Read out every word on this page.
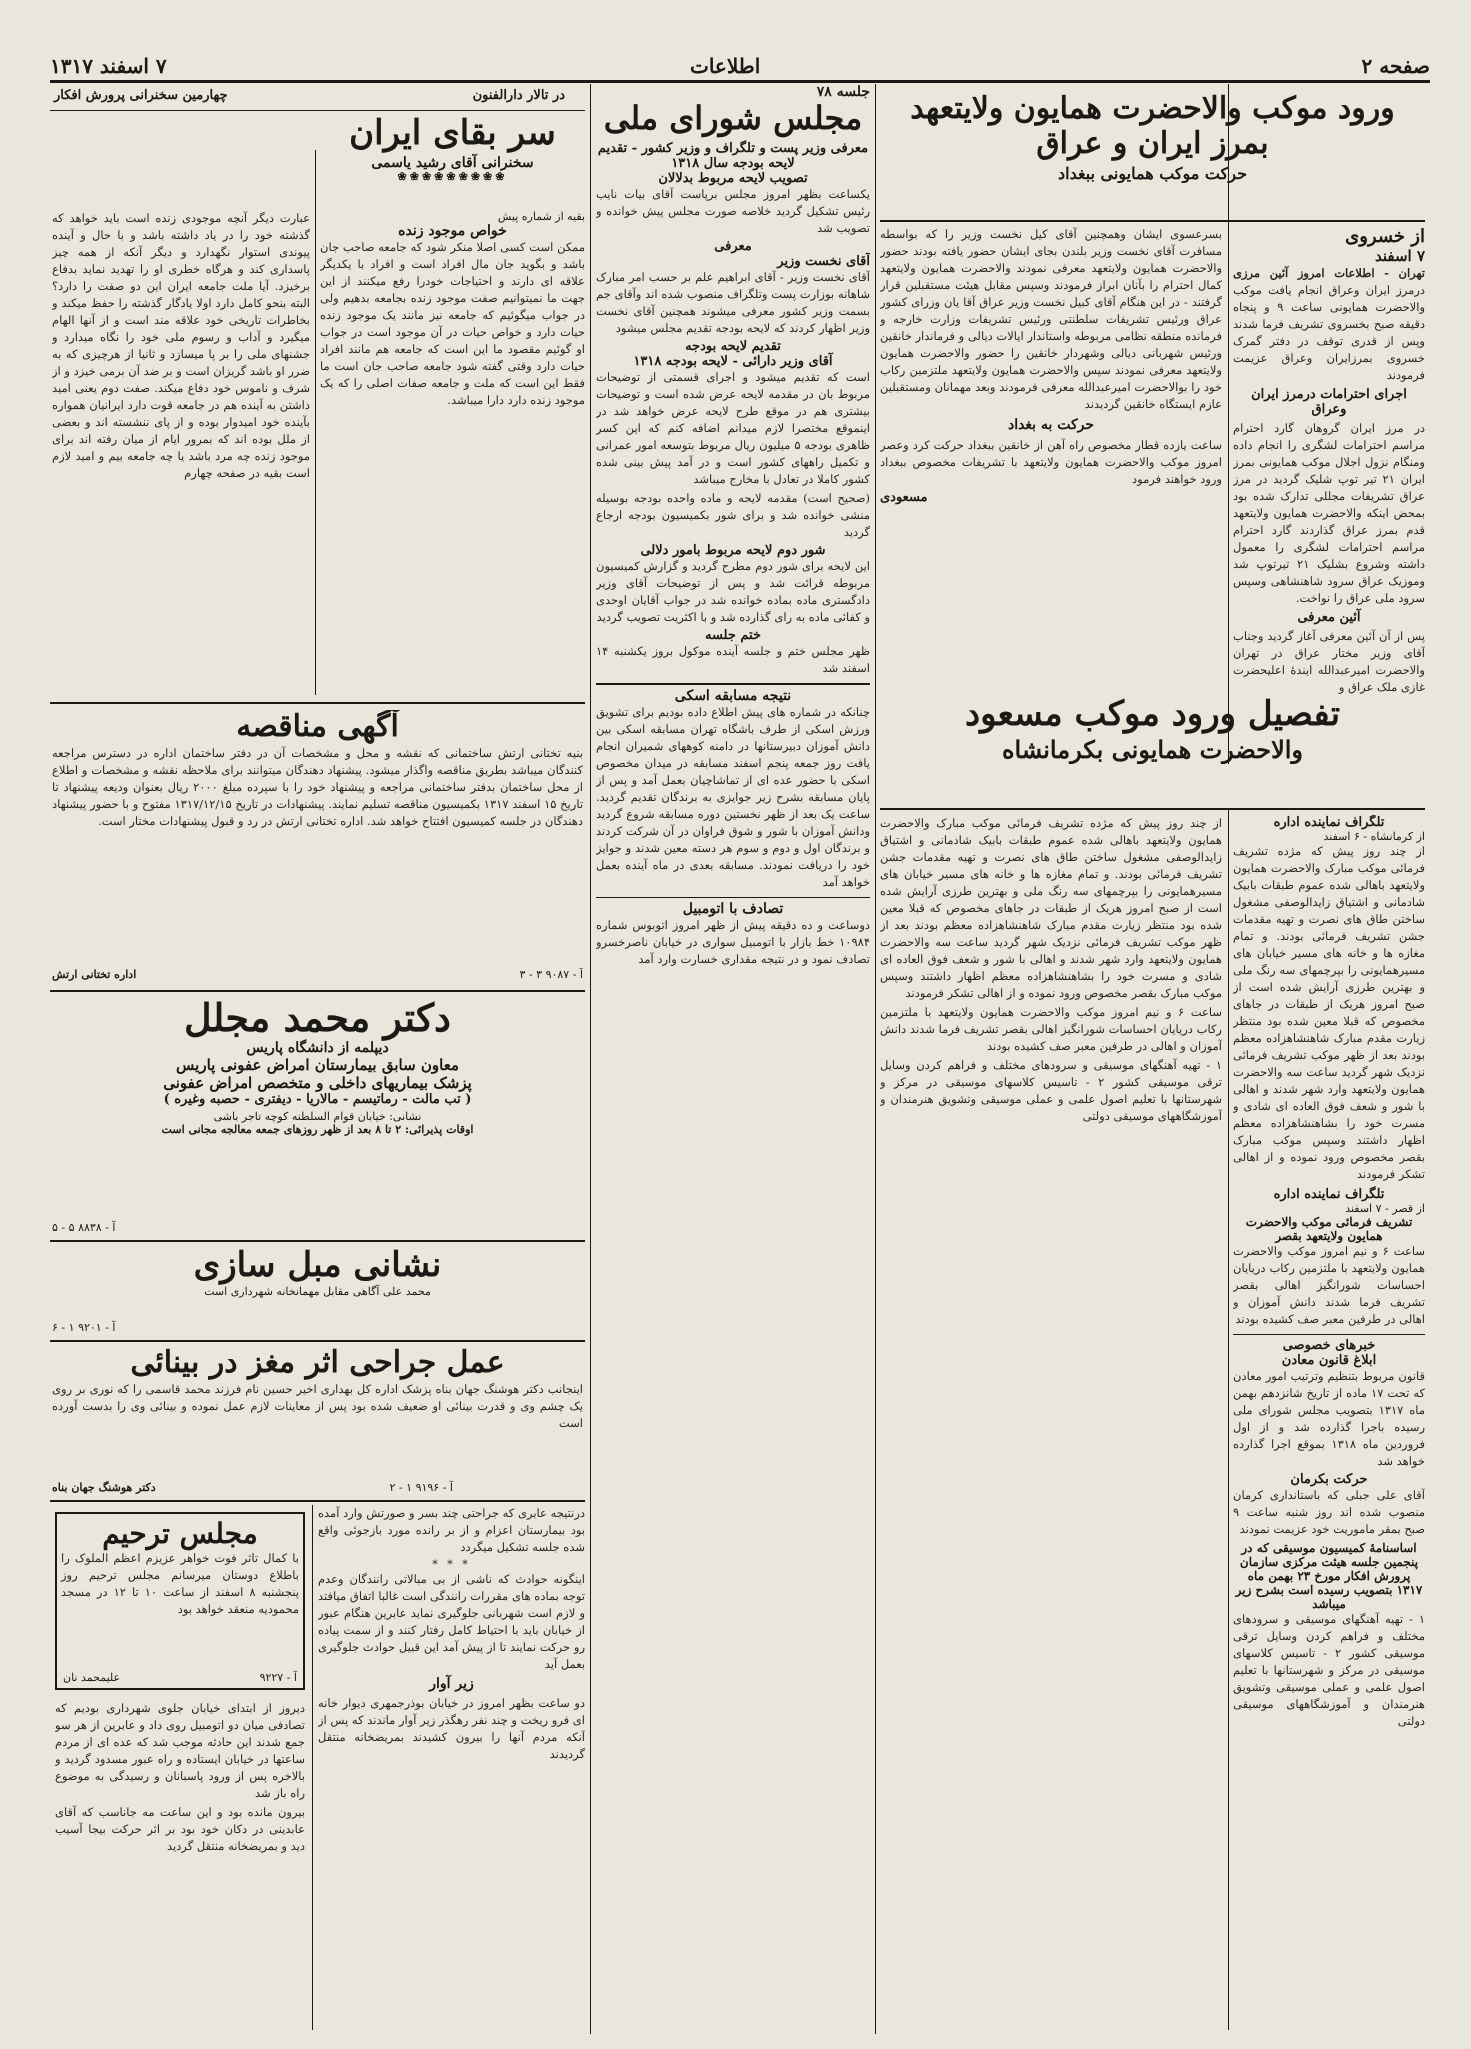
صفحه ۲
اطلاعات
۷ اسفند ۱۳۱۷
ورود موکب والاحضرت همایون ولایتعهد
بمرز ایران و عراق
حرکت موکب همایونی ببغداد
از خسروی
۷ اسفند

تهران - اطلاعات امروز آئین مرزی درمرز ایران وعراق انجام یافت موکب والاحضرت همایونی ساعت ۹ و پنجاه دقیقه صبح بخسروی تشریف فرما شدند وپس از قدری توقف در دفتر گمرک خسروی بمرزایران وعراق عزیمت فرمودند

اجرای احترامات درمرز ایران وعراق

در مرز ایران گروهان گارد احترام مراسم احترامات لشگری را انجام داده ومنگام نزول اجلال موکب همایونی بمرز ایران ۲۱ تیر توپ شلیک گردید در مرز عراق تشریفات مجللی تدارک شده بود بمحض اینکه والاحضرت همایون ولایتعهد قدم بمرز عراق گذاردند گارد احترام مراسم احترامات لشگری را معمول داشته وشروع بشلیک ۲۱ تیرتوپ شد وموزیک عراق سرود شاهنشاهی وسپس سرود ملی عراق را نواخت.

آئین معرفی

پس از آن آئین معرفی آغاز گردید وجناب آقای وزیر مختار عراق در تهران والاحضرت امیرعبدالله ایندهٔ اعلیحضرت غازی ملک عراق و

بسرعسوی ایشان وهمچنین آقای کیل نخست وزیر را که بواسطه مسافرت آقای نخست وزیر بلندن بجای ایشان حضور یافته بودند حضور والاحضرت همایون ولایتعهد معرفی نمودند والاحضرت همایون ولایتعهد کمال احترام را بآنان ابراز فرمودند وسپس مقابل هیئت مستقبلین قرار گرفتند - در این هنگام آقای کبیل نخست وزیر عراق آقا یان وزرای کشور عراق ورئیس تشریفات سلطنتی ورئیس تشریفات وزارت خارجه و فرمانده منطقه نظامی مربوطه واستاندار ایالات دیالی و فرماندار خانقین ورئیس شهربانی دیالی وشهردار خانقین را حضور والاحضرت همایون ولایتعهد معرفی نمودند سپس والاحضرت همایون ولایتعهد ملتزمین رکاب خود را بوالاحضرت امیرعبدالله معرفی فرمودند وبعد مهمانان ومستقبلین عازم ایستگاه خانقین گردیدند

حرکت به بغداد

ساعت یازده قطار مخصوص راه آهن از خانقین ببغداد حرکت کرد وعصر امروز موکب والاحضرت همایون ولایتعهد با تشریفات مخصوص ببغداد ورود خواهند فرمود

مسعودی
تفصیل ورود موکب مسعود
والاحضرت همایونی بکرمانشاه
تلگراف نماینده اداره
از کرمانشاه - ۶ اسفند

از چند روز پیش که مژده تشریف فرمائی موکب مبارک والاحضرت همایون ولایتعهد باهالی شده عموم طبقات بابیک شادمانی و اشتیاق زایدالوصفی مشغول ساختن طاق های نصرت و تهیه مقدمات جشن تشریف فرمائی بودند. و تمام مغازه ها و خانه های مسیر خیابان های مسیرهمایونی را بپرچمهای سه رنگ ملی و بهترین طرزی آرایش شده است از صبح امروز هریک از طبقات در جاهای مخصوص که قبلا معین شده بود منتظر زیارت مقدم مبارک شاهنشاهزاده معظم بودند بعد از ظهر موکب تشریف فرمائی نزدیک شهر گردید ساعت سه والاحضرت همایون ولایتعهد وارد شهر شدند و اهالی با شور و شعف فوق العاده ای شادی و مسرت خود را بشاهنشاهزاده معظم اظهار داشتند وسپس موکب مبارک بقصر مخصوص ورود نموده و از اهالی تشکر فرمودند

تلگراف نماینده اداره
از قصر - ۷ اسفند
تشریف فرمائی موکب والاحضرت همایون ولایتعهد بقصر

ساعت ۶ و نیم امروز موکب والاحضرت همایون ولایتعهد با ملتزمین رکاب دریایان احساسات شورانگیز اهالی بقصر تشریف فرما شدند دانش آموزان و اهالی در طرفین معبر صف کشیده بودند

خبرهای خصوصی
ابلاغ قانون معادن

قانون مربوط بتنظیم وترتیب امور معادن که تحت ۱۷ ماده از تاریخ شانزدهم بهمن ماه ۱۳۱۷ بتصویب مجلس شورای ملی رسیده باجرا گذارده شد و از اول فروردین ماه ۱۳۱۸ بموقع اجرا گذارده خواهد شد

حرکت بکرمان

آقای علی جبلی که باستانداری کرمان منصوب شده اند روز شنبه ساعت ۹ صبح بمقر ماموریت خود عزیمت نمودند

اساسنامهٔ کمیسیون موسیقی که در پنجمین جلسه هیئت مرکزی سازمان پرورش افکار مورخ ۲۳ بهمن ماه ۱۳۱۷ بتصویب رسیده است بشرح زیر میباشد

۱ - تهیه آهنگهای موسیقی و سرودهای مختلف و فراهم کردن وسایل ترقی موسیقی کشور ۲ - تاسیس کلاسهای موسیقی در مرکز و شهرستانها با تعلیم اصول علمی و عملی موسیقی وتشویق هنرمندان و آموزشگاههای موسیقی دولتی

از چند روز پیش که مژده تشریف فرمائی موکب مبارک والاحضرت همایون ولایتعهد باهالی شده عموم طبقات بابیک شادمانی و اشتیاق زایدالوصفی مشغول ساختن طاق های نصرت و تهیه مقدمات جشن تشریف فرمائی بودند. و تمام مغازه ها و خانه های مسیر خیابان های مسیرهمایونی را بپرچمهای سه رنگ ملی و بهترین طرزی آرایش شده است از صبح امروز هریک از طبقات در جاهای مخصوص که قبلا معین شده بود منتظر زیارت مقدم مبارک شاهنشاهزاده معظم بودند بعد از ظهر موکب تشریف فرمائی نزدیک شهر گردید ساعت سه والاحضرت همایون ولایتعهد وارد شهر شدند و اهالی با شور و شعف فوق العاده ای شادی و مسرت خود را بشاهنشاهزاده معظم اظهار داشتند وسپس موکب مبارک بقصر مخصوص ورود نموده و از اهالی تشکر فرمودند

ساعت ۶ و نیم امروز موکب والاحضرت همایون ولایتعهد با ملتزمین رکاب دریایان احساسات شورانگیز اهالی بقصر تشریف فرما شدند دانش آموزان و اهالی در طرفین معبر صف کشیده بودند

۱ - تهیه آهنگهای موسیقی و سرودهای مختلف و فراهم کردن وسایل ترقی موسیقی کشور ۲ - تاسیس کلاسهای موسیقی در مرکز و شهرستانها با تعلیم اصول علمی و عملی موسیقی وتشویق هنرمندان و آموزشگاههای موسیقی دولتی

جلسه ۷۸
مجلس شورای ملی
معرفی وزیر پست و تلگراف و وزیر کشور - تقدیم لایحه بودجه سال ۱۳۱۸
تصویب لایحه مربوط بدلالان

یکساعت بظهر امروز مجلس برپاست آقای بیات نایب رئیس تشکیل گردید خلاصه صورت مجلس پیش خوانده و تصویب شد

معرفی
آقای نخست وزیر

آقای نخست وزیر - آقای ابراهیم علم بر حسب امر مبارک شاهانه بوزارت پست وتلگراف منصوب شده اند وآقای جم بسمت وزیر کشور معرفی میشوند همچنین آقای نخست وزیر اظهار کردند که لایحه بودجه تقدیم مجلس میشود

تقدیم لایحه بودجه
آقای وزیر دارائی - لایحه بودجه ۱۳۱۸

است که تقدیم میشود و اجرای قسمتی از توضیحات مربوط بان در مقدمه لایحه عرض شده است و توضیحات بیشتری هم در موقع طرح لایحه عرض خواهد شد در اینموقع مختصرا لازم میدانم اضافه کنم که این کسر ظاهری بودجه ۵ میلیون ریال مربوط بتوسعه امور عمرانی و تکمیل راههای کشور است و در آمد پیش بینی شده کشور کاملا در تعادل با مخارج میباشد

(صحیح است) مقدمه لایحه و ماده واحده بودجه بوسیله منشی خوانده شد و برای شور بکمیسیون بودجه ارجاع گردید

شور دوم لایحه مربوط بامور دلالی

این لایحه برای شور دوم مطرح گردید و گزارش کمیسیون مربوطه قرائت شد و پس از توضیحات آقای وزیر دادگستری ماده بماده خوانده شد در جواب آقایان اوحدی و کفائی ماده به رای گذارده شد و با اکثریت تصویب گردید

ختم جلسه

ظهر مجلس ختم و جلسه آینده موکول بروز یکشنبه ۱۴ اسفند شد

نتیجه مسابقه اسکی

چنانکه در شماره های پیش اطلاع داده بودیم برای تشویق ورزش اسکی از طرف باشگاه تهران مسابقه اسکی بین دانش آموزان دبیرستانها در دامنه کوههای شمیران انجام یافت روز جمعه پنجم اسفند مسابقه در میدان مخصوص اسکی با حضور عده ای از تماشاچیان بعمل آمد و پس از پایان مسابقه بشرح زیر جوایزی به برندگان تقدیم گردید. ساعت یک بعد از ظهر نخستین دوره مسابقه شروع گردید ودانش آموزان با شور و شوق فراوان در آن شرکت کردند و برندگان اول و دوم و سوم هر دسته معین شدند و جوایز خود را دریافت نمودند. مسابقه بعدی در ماه آینده بعمل خواهد آمد

تصادف با اتومبیل

دوساعت و ده دقیقه پیش از ظهر امروز اتوبوس شماره ۱۰۹۸۴ خط بازار با اتومبیل سواری در خیابان ناصرخسرو تصادف نمود و در نتیجه مقداری خسارت وارد آمد

در تالار دارالفنون
چهارمین سخنرانی پرورش افکار
سر بقای ایران
سخنرانی آقای رشید یاسمی
❀❀❀❀❀❀❀❀❀
بقیه از شماره پیش
خواص موجود زنده

ممکن است کسی اصلا منکر شود که جامعه صاحب جان باشد و بگوید جان مال افراد است و افراد با یکدیگر علاقه ای دارند و احتیاجات خودرا رفع میکنند از این جهت ما نمیتوانیم صفت موجود زنده بجامعه بدهیم ولی در جواب میگوئیم که جامعه نیز مانند یک موجود زنده حیات دارد و خواص حیات در آن موجود است در جواب او گوئیم مقصود ما این است که جامعه هم مانند افراد حیات دارد وقتی گفته شود جامعه صاحب جان است ما فقط این است که ملت و جامعه صفات اصلی را که یک موجود زنده دارد دارا میباشد.

عبارت دیگر آنچه موجودی زنده است باید خواهد که گذشته خود را در یاد داشته باشد و با حال و آینده پیوندی استوار نگهدارد و دیگر آنکه از همه چیز پاسداری کند و هرگاه خطری او را تهدید نماید بدفاع برخیزد. آیا ملت جامعه ایران این دو صفت را دارد؟ البته بنحو کامل دارد اولا یادگار گذشته را حفظ میکند و بخاطرات تاریخی خود علاقه مند است و از آنها الهام میگیرد و آداب و رسوم ملی خود را نگاه میدارد و جشنهای ملی را بر پا میسازد و ثانیا از هرچیزی که به ضرر او باشد گریزان است و بر ضد آن برمی خیزد و از شرف و ناموس خود دفاع میکند. صفت دوم یعنی امید داشتن به آینده هم در جامعه قوت دارد ایرانیان همواره بآینده خود امیدوار بوده و از پای ننشسته اند و بعضی از ملل بوده اند که بمرور ایام از میان رفته اند برای موجود زنده چه مرد باشد یا چه جامعه بیم و امید لازم است بقیه در صفحه چهارم

آگهی مناقصه

بنیه تختانی ارتش ساختمانی که نقشه و محل و مشخصات آن در دفتر ساختمان اداره در دسترس مراجعه کنندگان میباشد بطریق مناقصه واگذار میشود. پیشنهاد دهندگان میتوانند برای ملاحظه نقشه و مشخصات و اطلاع از محل ساختمان بدفتر ساختمانی مراجعه و پیشنهاد خود را با سپرده مبلغ ۲۰۰۰ ریال بعنوان ودیعه پیشنهاد تا تاریخ ۱۵ اسفند ۱۳۱۷ بکمیسیون مناقصه تسلیم نمایند. پیشنهادات در تاریخ ۱۳۱۷/۱۲/۱۵ مفتوح و با حضور پیشنهاد دهندگان در جلسه کمیسیون افتتاح خواهد شد. اداره تختانی ارتش در رد و قبول پیشنهادات مختار است.

اداره تختانی ارتش	آ - ۹۰۸۷ ۳ - ۳
دکتر محمد مجلل
دیپلمه از دانشگاه پاریس
معاون سابق بیمارستان امراض عفونی پاریس
پزشک بیماریهای داخلی و متخصص امراض عفونی
( تب مالت - رماتیسم - مالاریا - دیفتری - حصبه وغیره )
نشانی: خیابان قوام السلطنه کوچه تاجر باشی
اوقات پذیرائی: ۲ تا ۸ بعد از ظهر روزهای جمعه معالجه مجانی است
آ - ۸۸۳۸ ۵ - ۵
نشانی مبل سازی
محمد علی آگاهی مقابل مهمانخانه شهرداری است
آ - ۹۲۰۱ ۱ - ۶
عمل جراحی اثر مغز در بینائی

اینجانب دکتر هوشنگ جهان بناه پزشک اداره کل بهداری اخیر حسین نام فرزند محمد قاسمی را که نوری بر روی یک چشم وی و قدرت بینائی او ضعیف شده بود پس از معاینات لازم عمل نموده و بینائی وی را بدست آورده است

دکتر هوشنگ جهان بناه	آ - ۹۱۹۶ ۱ - ۲
مجلس ترحیم

با کمال تاثر فوت خواهر عزیزم اعظم الملوک را باطلاع دوستان میرسانم مجلس ترحیم روز پنجشنبه ۸ اسفند از ساعت ۱۰ تا ۱۲ در مسجد محمودیه منعقد خواهد بود

آ - ۹۲۲۷
علیمحمد نان

دیروز از ابتدای خیابان جلوی شهرداری بودیم که تصادفی میان دو اتومبیل روی داد و عابرین از هر سو جمع شدند این حادثه موجب شد که عده ای از مردم ساعتها در خیابان ایستاده و راه عبور مسدود گردید و بالاخره پس از ورود پاسبانان و رسیدگی به موضوع راه باز شد

بیرون مانده بود و این ساعت مه جاناسب که آقای عابدینی در دکان خود بود بر اثر حرکت بیجا آسیب دید و بمریضخانه منتقل گردید

درنتیجه عابری که جراحتی چند بسر و صورتش وارد آمده بود بیمارستان اعزام و از بر رانده مورد بازجوئی واقع شده جلسه تشکیل میگردد

* * *

اینگونه حوادث که ناشی از بی مبالاتی رانندگان وعدم توجه بماده های مقررات رانندگی است غالبا اتفاق میافتد و لازم است شهربانی جلوگیری نماید عابرین هنگام عبور از خیابان باید با احتیاط کامل رفتار کنند و از سمت پیاده رو حرکت نمایند تا از پیش آمد این قبیل حوادث جلوگیری بعمل آید

زیر آوار

دو ساعت بظهر امروز در خیابان بوذرجمهری دیوار خانه ای فرو ریخت و چند نفر رهگذر زیر آوار ماندند که پس از آنکه مردم آنها را بیرون کشیدند بمریضخانه منتقل گردیدند
